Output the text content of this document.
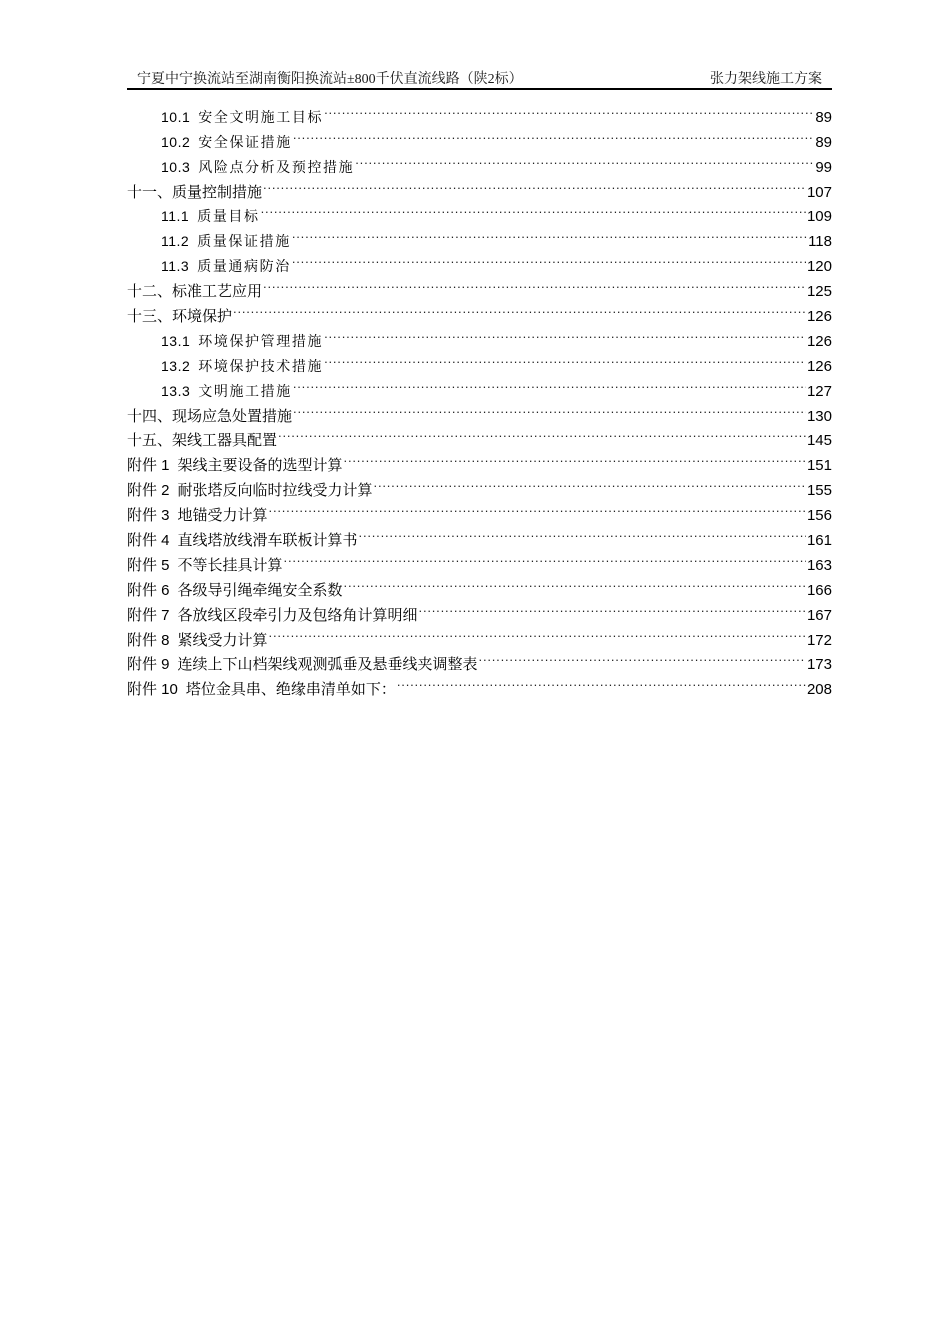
宁夏中宁换流站至湖南衡阳换流站±800千伏直流线路（陕2标）	张力架线施工方案
10.1 安全文明施工目标 .....	89
10.2 安全保证措施 .....	89
10.3 风险点分析及预控措施 .....	99
十一、 质量控制措施 .....	107
11.1 质量目标 .....	109
11.2 质量保证措施 .....	118
11.3 质量通病防治 .....	120
十二、 标准工艺应用 .....	125
十三、 环境保护 .....	126
13.1 环境保护管理措施 .....	126
13.2 环境保护技术措施 .....	126
13.3 文明施工措施 .....	127
十四、 现场应急处置措施 .....	130
十五、 架线工器具配置 .....	145
附件 1 架线主要设备的选型计算 .....	151
附件 2 耐张塔反向临时拉线受力计算 .....	155
附件 3 地锚受力计算 .....	156
附件 4 直线塔放线滑车联板计算书 .....	161
附件 5 不等长挂具计算 .....	163
附件 6 各级导引绳牵绳安全系数 .....	166
附件 7 各放线区段牵引力及包络角计算明细 .....	167
附件 8 紧线受力计算 .....	172
附件 9 连续上下山档架线观测弧垂及悬垂线夹调整表 .....	173
附件 10 塔位金具串、绝缘串清单如下： .....	208
